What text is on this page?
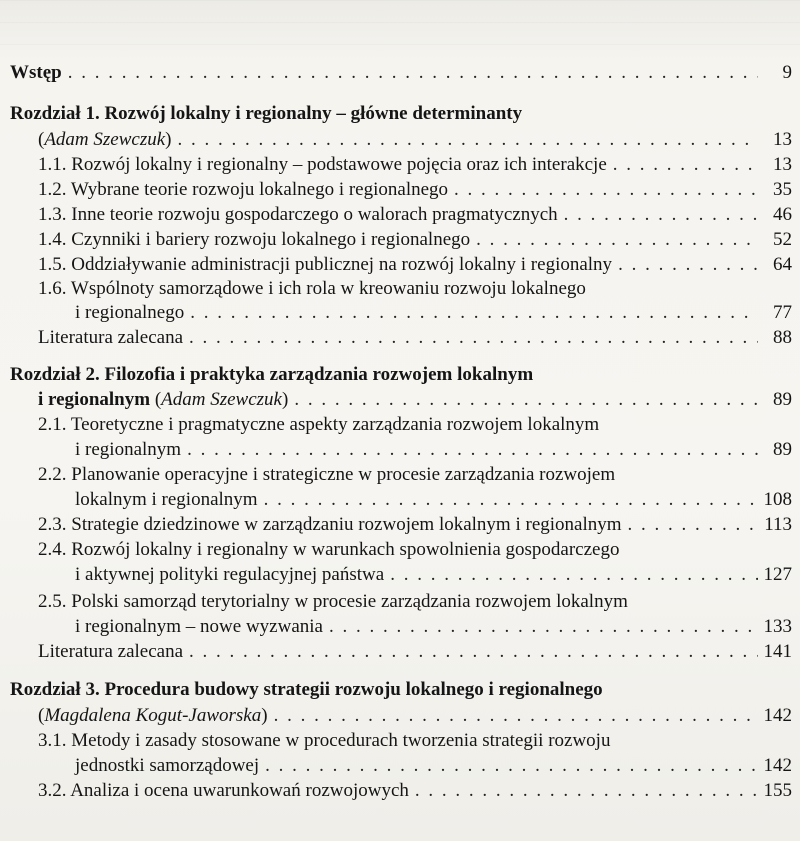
Wstęp . . .	9
Rozdział 1. Rozwój lokalny i regionalny – główne determinanty
(Adam Szewczuk) . . .	13
1.1. Rozwój lokalny i regionalny – podstawowe pojęcia oraz ich interakcje . . .	13
1.2. Wybrane teorie rozwoju lokalnego i regionalnego . . .	35
1.3. Inne teorie rozwoju gospodarczego o walorach pragmatycznych . . .	46
1.4. Czynniki i bariery rozwoju lokalnego i regionalnego . . .	52
1.5. Oddziaływanie administracji publicznej na rozwój lokalny i regionalny . . .	64
1.6. Wspólnoty samorządowe i ich rola w kreowaniu rozwoju lokalnego
i regionalnego . . .	77
Literatura zalecana . . .	88
Rozdział 2. Filozofia i praktyka zarządzania rozwojem lokalnym
i regionalnym (Adam Szewczuk) . . .	89
2.1. Teoretyczne i pragmatyczne aspekty zarządzania rozwojem lokalnym
i regionalnym . . .	89
2.2. Planowanie operacyjne i strategiczne w procesie zarządzania rozwojem
lokalnym i regionalnym . . .	108
2.3. Strategie dziedzinowe w zarządzaniu rozwojem lokalnym i regionalnym . . .	113
2.4. Rozwój lokalny i regionalny w warunkach spowolnienia gospodarczego
i aktywnej polityki regulacyjnej państwa . . .	127
2.5. Polski samorząd terytorialny w procesie zarządzania rozwojem lokalnym
i regionalnym – nowe wyzwania . . .	133
Literatura zalecana . . .	141
Rozdział 3. Procedura budowy strategii rozwoju lokalnego i regionalnego
(Magdalena Kogut-Jaworska) . . .	142
3.1. Metody i zasady stosowane w procedurach tworzenia strategii rozwoju
jednostki samorządowej . . .	142
3.2. Analiza i ocena uwarunkowań rozwojowych . . .	155
